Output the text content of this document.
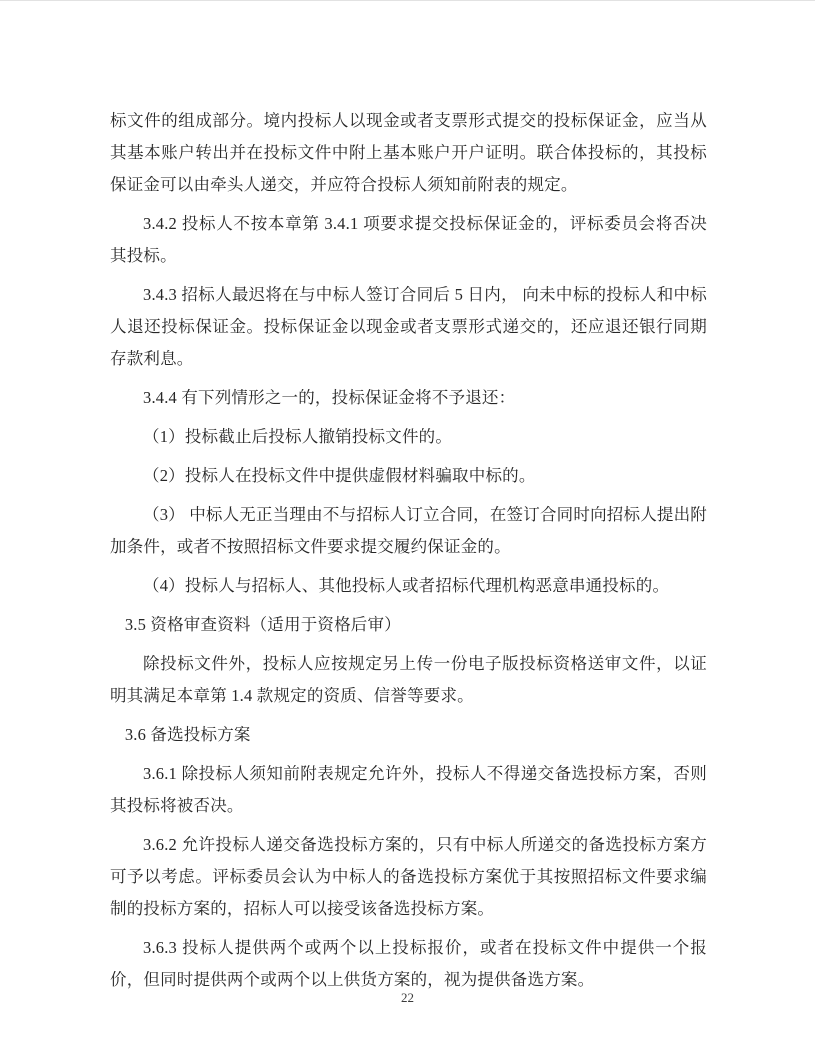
标文件的组成部分。境内投标人以现金或者支票形式提交的投标保证金，应当从其基本账户转出并在投标文件中附上基本账户开户证明。联合体投标的，其投标保证金可以由牵头人递交，并应符合投标人须知前附表的规定。

3.4.2 投标人不按本章第 3.4.1 项要求提交投标保证金的，评标委员会将否决其投标。

3.4.3 招标人最迟将在与中标人签订合同后 5 日内， 向未中标的投标人和中标人退还投标保证金。投标保证金以现金或者支票形式递交的，还应退还银行同期存款利息。

3.4.4 有下列情形之一的，投标保证金将不予退还：

（1）投标截止后投标人撤销投标文件的。

（2）投标人在投标文件中提供虚假材料骗取中标的。

（3） 中标人无正当理由不与招标人订立合同，在签订合同时向招标人提出附加条件，或者不按照招标文件要求提交履约保证金的。

（4）投标人与招标人、其他投标人或者招标代理机构恶意串通投标的。

3.5 资格审查资料（适用于资格后审）

除投标文件外，投标人应按规定另上传一份电子版投标资格送审文件，以证明其满足本章第 1.4 款规定的资质、信誉等要求。

3.6 备选投标方案

3.6.1 除投标人须知前附表规定允许外，投标人不得递交备选投标方案，否则其投标将被否决。

3.6.2 允许投标人递交备选投标方案的，只有中标人所递交的备选投标方案方可予以考虑。评标委员会认为中标人的备选投标方案优于其按照招标文件要求编制的投标方案的，招标人可以接受该备选投标方案。

3.6.3 投标人提供两个或两个以上投标报价，或者在投标文件中提供一个报价，但同时提供两个或两个以上供货方案的，视为提供备选方案。

22
